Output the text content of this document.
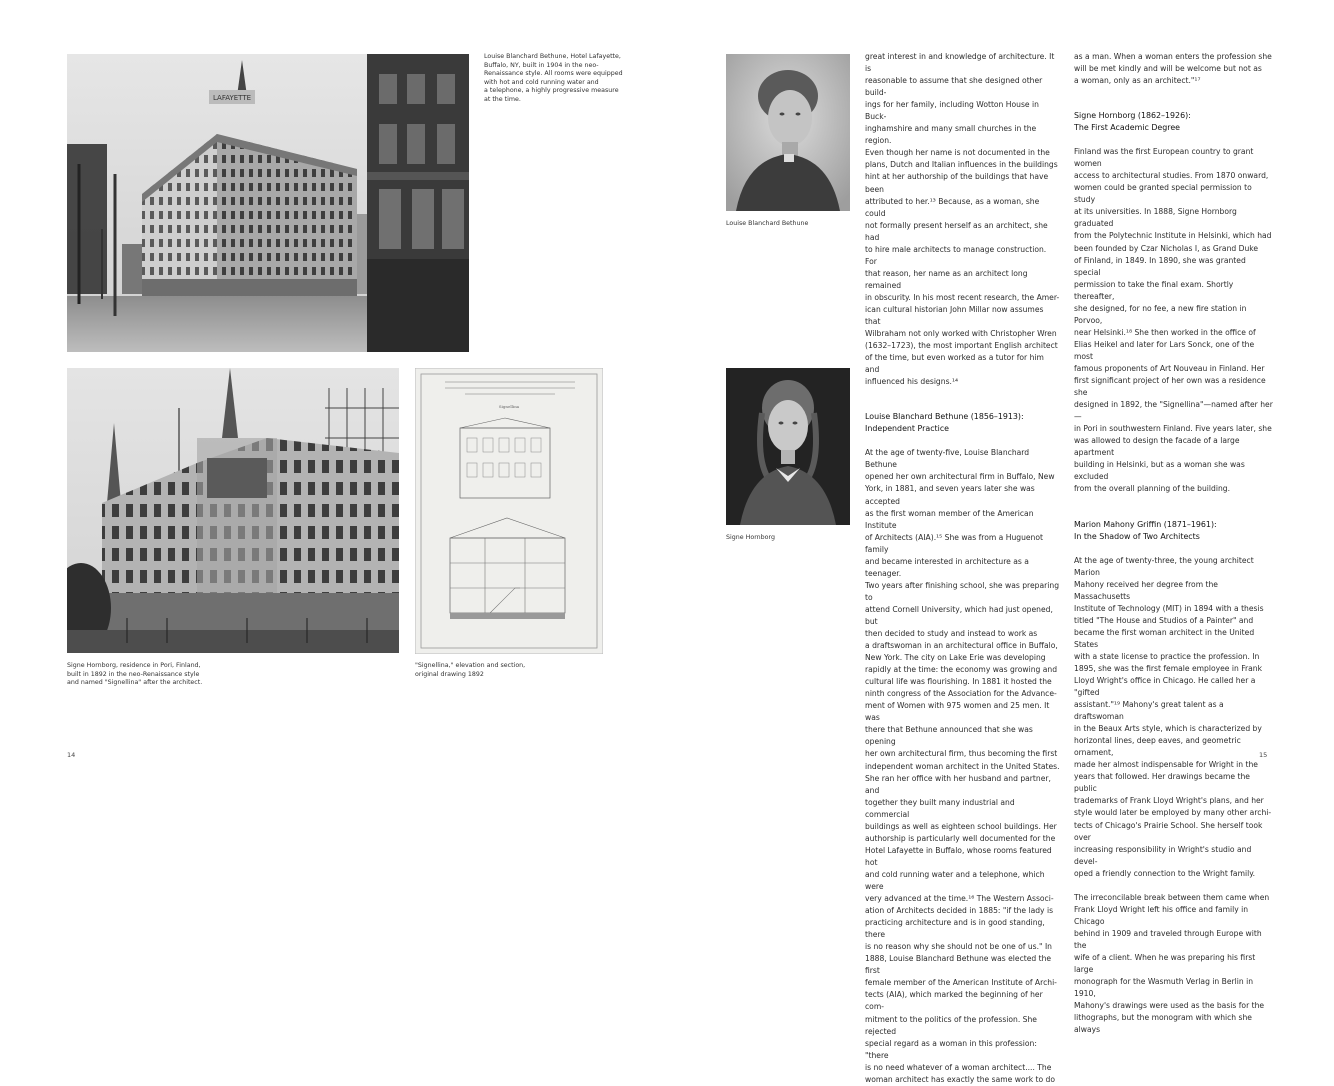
LAFAYETTE
Louise Blanchard Bethune, Hotel Lafayette,
Buffalo, NY, built in 1904 in the neo-
Renaissance style. All rooms were equipped
with hot and cold running water and
a telephone, a highly progressive measure
at the time.
Signe Hornborg, residence in Pori, Finland,
built in 1892 in the neo-Renaissance style
and named "Signellina" after the architect.
Signellina
"Signellina," elevation and section,
original drawing 1892
14
Louise Blanchard Bethune
Signe Hornborg

great interest in and knowledge of architecture. It is
reasonable to assume that she designed other build-
ings for her family, including Wotton House in Buck-
inghamshire and many small churches in the region.
Even though her name is not documented in the
plans, Dutch and Italian influences in the buildings
hint at her authorship of the buildings that have been
attributed to her.¹³ Because, as a woman, she could
not formally present herself as an architect, she had
to hire male architects to manage construction. For
that reason, her name as an architect long remained
in obscurity. In his most recent research, the Amer-
ican cultural historian John Millar now assumes that
Wilbraham not only worked with Christopher Wren
(1632–1723), the most important English architect
of the time, but even worked as a tutor for him and
influenced his designs.¹⁴

Louise Blanchard Bethune (1856–1913):
Independent Practice

At the age of twenty-five, Louise Blanchard Bethune
opened her own architectural firm in Buffalo, New
York, in 1881, and seven years later she was accepted
as the first woman member of the American Institute
of Architects (AIA).¹⁵ She was from a Huguenot family
and became interested in architecture as a teenager.
Two years after finishing school, she was preparing to
attend Cornell University, which had just opened, but
then decided to study and instead to work as
a draftswoman in an architectural office in Buffalo,
New York. The city on Lake Erie was developing
rapidly at the time: the economy was growing and
cultural life was flourishing. In 1881 it hosted the
ninth congress of the Association for the Advance-
ment of Women with 975 women and 25 men. It was
there that Bethune announced that she was opening
her own architectural firm, thus becoming the first
independent woman architect in the United States.
She ran her office with her husband and partner, and
together they built many industrial and commercial
buildings as well as eighteen school buildings. Her
authorship is particularly well documented for the
Hotel Lafayette in Buffalo, whose rooms featured hot
and cold running water and a telephone, which were
very advanced at the time.¹⁶ The Western Associ-
ation of Architects decided in 1885: "if the lady is
practicing architecture and is in good standing, there
is no reason why she should not be one of us." In
1888, Louise Blanchard Bethune was elected the first
female member of the American Institute of Archi-
tects (AIA), which marked the beginning of her com-
mitment to the politics of the profession. She rejected
special regard as a woman in this profession: "there
is no need whatever of a woman architect.... The
woman architect has exactly the same work to do

as a man. When a woman enters the profession she
will be met kindly and will be welcome but not as
a woman, only as an architect."¹⁷

Signe Hornborg (1862–1926):
The First Academic Degree

Finland was the first European country to grant women
access to architectural studies. From 1870 onward,
women could be granted special permission to study
at its universities. In 1888, Signe Hornborg graduated
from the Polytechnic Institute in Helsinki, which had
been founded by Czar Nicholas I, as Grand Duke
of Finland, in 1849. In 1890, she was granted special
permission to take the final exam. Shortly thereafter,
she designed, for no fee, a new fire station in Porvoo,
near Helsinki.¹⁸ She then worked in the office of
Elias Heikel and later for Lars Sonck, one of the most
famous proponents of Art Nouveau in Finland. Her
first significant project of her own was a residence she
designed in 1892, the "Signellina"—named after her—
in Pori in southwestern Finland. Five years later, she
was allowed to design the facade of a large apartment
building in Helsinki, but as a woman she was excluded
from the overall planning of the building.

Marion Mahony Griffin (1871–1961):
In the Shadow of Two Architects

At the age of twenty-three, the young architect Marion
Mahony received her degree from the Massachusetts
Institute of Technology (MIT) in 1894 with a thesis
titled "The House and Studios of a Painter" and
became the first woman architect in the United States
with a state license to practice the profession. In
1895, she was the first female employee in Frank
Lloyd Wright's office in Chicago. He called her a "gifted
assistant."¹⁹ Mahony's great talent as a draftswoman
in the Beaux Arts style, which is characterized by
horizontal lines, deep eaves, and geometric ornament,
made her almost indispensable for Wright in the
years that followed. Her drawings became the public
trademarks of Frank Lloyd Wright's plans, and her
style would later be employed by many other archi-
tects of Chicago's Prairie School. She herself took over
increasing responsibility in Wright's studio and devel-
oped a friendly connection to the Wright family.

The irreconcilable break between them came when
Frank Lloyd Wright left his office and family in Chicago
behind in 1909 and traveled through Europe with the
wife of a client. When he was preparing his first large
monograph for the Wasmuth Verlag in Berlin in 1910,
Mahony's drawings were used as the basis for the
lithographs, but the monogram with which she always

15
